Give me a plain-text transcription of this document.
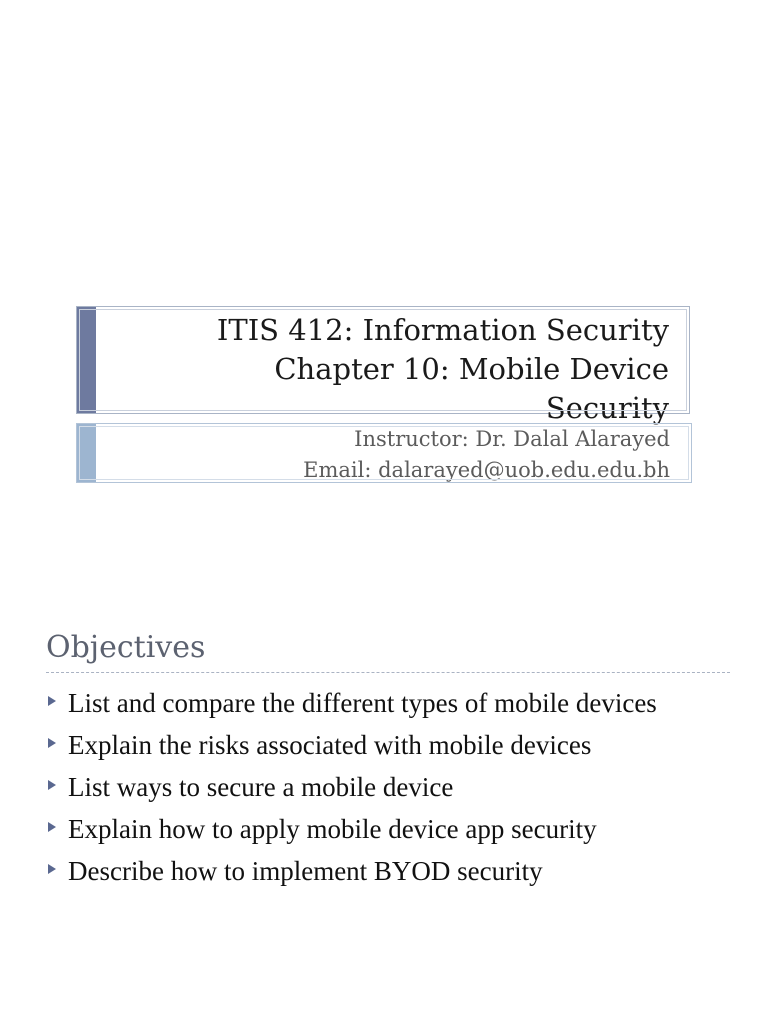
ITIS 412: Information Security
Chapter 10: Mobile Device
Security
Instructor: Dr. Dalal Alarayed
Email: dalarayed@uob.edu.edu.bh
Objectives
List and compare the different types of mobile devices
Explain the risks associated with mobile devices
List ways to secure a mobile device
Explain how to apply mobile device app security
Describe how to implement BYOD security
